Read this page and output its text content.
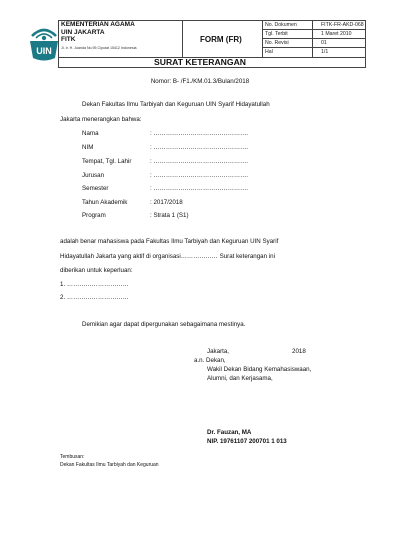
UIN
KEMENTERIAN AGAMA
UIN JAKARTA
FITK
Jl. Ir. H. Juanda No.95 Ciputat 15412 Indonesia
FORM (FR)
No. Dokumen	: FITK-FR-AKD-068
Tgl. Terbit	: 1 Maret 2010
No. Revisi	: 01
Hal	: 1/1
SURAT KETERANGAN
Nomor: B- /F1./KM.01.3/Bulan/2018
Dekan Fakultas Ilmu Tarbiyah dan Keguruan UIN Syarif Hidayatullah
Jakarta menerangkan bahwa:
Nama	: ……………………………………….
NIM	: ……………………………………….
Tempat, Tgl. Lahir	: ……………………………………….
Jurusan	: ……………………………………….
Semester	: ……………………………………….
Tahun Akademik	: 2017/2018
Program	: Strata 1 (S1)
adalah benar mahasiswa pada Fakultas Ilmu Tarbiyah dan Keguruan UIN Syarif
Hidayatullah Jakarta yang aktif di organisasi……………… Surat keterangan ini
diberikan untuk keperluan:
1. …………………………
2. …………………………
Demikian agar dapat dipergunakan sebagaimana mestinya.
Jakarta,	2018
a.n. Dekan,
Wakil Dekan Bidang Kemahasiswaan,
Alumni, dan Kerjasama,
Dr. Fauzan, MA
NIP. 19761107 200701 1 013
Tembusan:
Dekan Fakultas Ilmu Tarbiyah dan Keguruan
